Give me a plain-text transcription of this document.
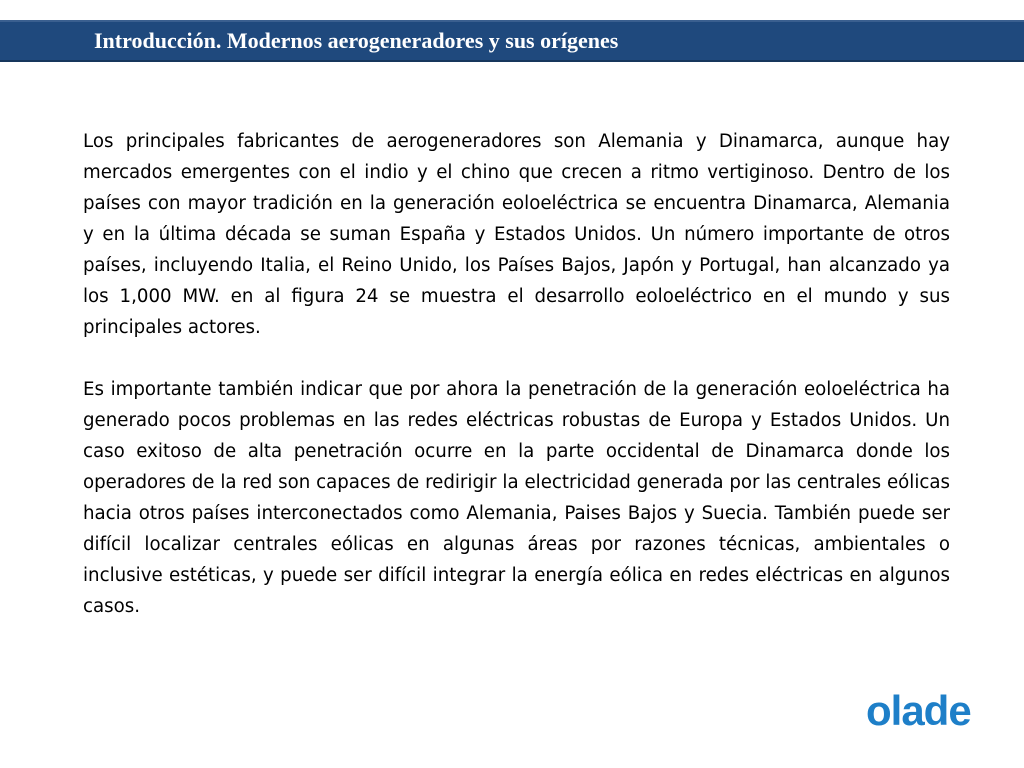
Introducción. Modernos aerogeneradores y sus orígenes

Los principales fabricantes de aerogeneradores son Alemania y Dinamarca, aunque hay mercados emergentes con el indio y el chino que crecen a ritmo vertiginoso. Dentro de los países con mayor tradición en la generación eoloeléctrica se encuentra Dinamarca, Alemania y en la última década se suman España y Estados Unidos. Un número importante de otros países, incluyendo Italia, el Reino Unido, los Países Bajos, Japón y Portugal, han alcanzado ya los 1,000 MW. en al figura 24 se muestra el desarrollo eoloeléctrico en el mundo y sus principales actores.

Es importante también indicar que por ahora la penetración de la generación eoloeléctrica ha generado pocos problemas en las redes eléctricas robustas de Europa y Estados Unidos. Un caso exitoso de alta penetración ocurre en la parte occidental de Dinamarca donde los operadores de la red son capaces de redirigir la electricidad generada por las centrales eólicas hacia otros países interconectados como Alemania, Paises Bajos y Suecia. También puede ser difícil localizar centrales eólicas en algunas áreas por razones técnicas, ambientales o inclusive estéticas, y puede ser difícil integrar la energía eólica en redes eléctricas en algunos casos.

olade
